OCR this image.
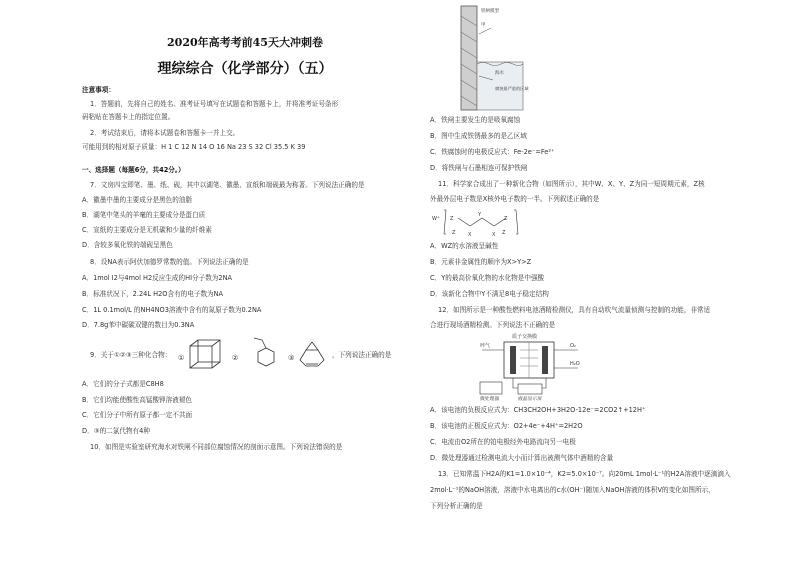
2020年高考考前45天大冲刺卷
理综综合（化学部分）（五）
注意事项：
1．答题前，先将自己的姓名、准考证号填写在试题卷和答题卡上，并将准考证号条形
码粘贴在答题卡上的指定位置。
2．考试结束后，请将本试题卷和答题卡一并上交。
可能用到的相对原子质量：H 1 C 12 N 14 O 16 Na 23 S 32 Cl 35.5 K 39
一、选择题（每题6分，共42分。）
7．文房四宝即笔、墨、纸、砚，其中以湖笔、徽墨、宣纸和端砚最为称著。下列说法正确的是
A．徽墨中墨的主要成分是黑色的油脂
B．湖笔中笔头的羊毫的主要成分是蛋白质
C．宣纸的主要成分是无机碳和少量的纤维素
D．含较多氧化铁的端砚呈黑色
8．设NA表示阿伏加德罗常数的值。下列说法正确的是
A．1mol I2与4mol H2反应生成的HI分子数为2NA
B．标准状况下，2.24L H2O含有的电子数为NA
C．1L 0.1mol/L 的NH4NO3溶液中含有的氮原子数为0.2NA
D．7.8g苯中碳碳双键的数目为0.3NA
9．关于①②③三种化合物： ①	②	③	，下列说法正确的是
A．它们的分子式都是C8H8
B．它们均能使酸性高锰酸钾溶液褪色
C．它们分子中所有原子都一定不共面
D．③的二氯代物有4种
10．如图是实验室研究海水对铁闸不同部位腐蚀情况的剖面示意图。下列说法错误的是
铁闸模型
甲
海水
腐蚀最严重的区域
A．铁闸主要发生的是吸氧腐蚀
B．图中生成铁锈最多的是乙区域
C．铁腐蚀时的电极反应式：Fe-2e⁻=Fe²⁺
D．将铁闸与石墨相连可保护铁闸
11．科学家合成出了一种新化合物（如图所示），其中W、X、Y、Z为同一短周期元素，Z核
外最外层电子数是X核外电子数的一半。下列叙述正确的是
W⁺ Z
Z	X
Y
X
Z
Z
A．WZ的水溶液呈碱性
B．元素非金属性的顺序为X>Y>Z
C．Y的最高价氧化物的水化物是中强酸
D．该新化合物中Y不满足8电子稳定结构
12．如图所示是一种酸性燃料电池酒精检测仪，具有自动吹气流量侦测与控制的功能，非常适
合进行现场酒精检测。下列说法不正确的是
质子交换膜
呼气	O₂
H₂O
微处理器	液晶显示屏
A．该电池的负极反应式为：CH3CH2OH+3H2O-12e⁻=2CO2↑+12H⁺
B．该电池的正极反应式为：O2+4e⁻+4H⁺=2H2O
C．电流由O2所在的铂电极经外电路流向另一电极
D．微处理器通过检测电流大小而计算出被测气体中酒精的含量
13．已知常温下H2A的K1=1.0×10⁻⁴，K2=5.0×10⁻⁷。向20mL 1mol·L⁻¹的H2A溶液中逐滴滴入
2mol·L⁻¹的NaOH溶液，溶液中水电离出的c水(OH⁻)随加入NaOH溶液的体积V的变化如图所示，
下列分析正确的是
